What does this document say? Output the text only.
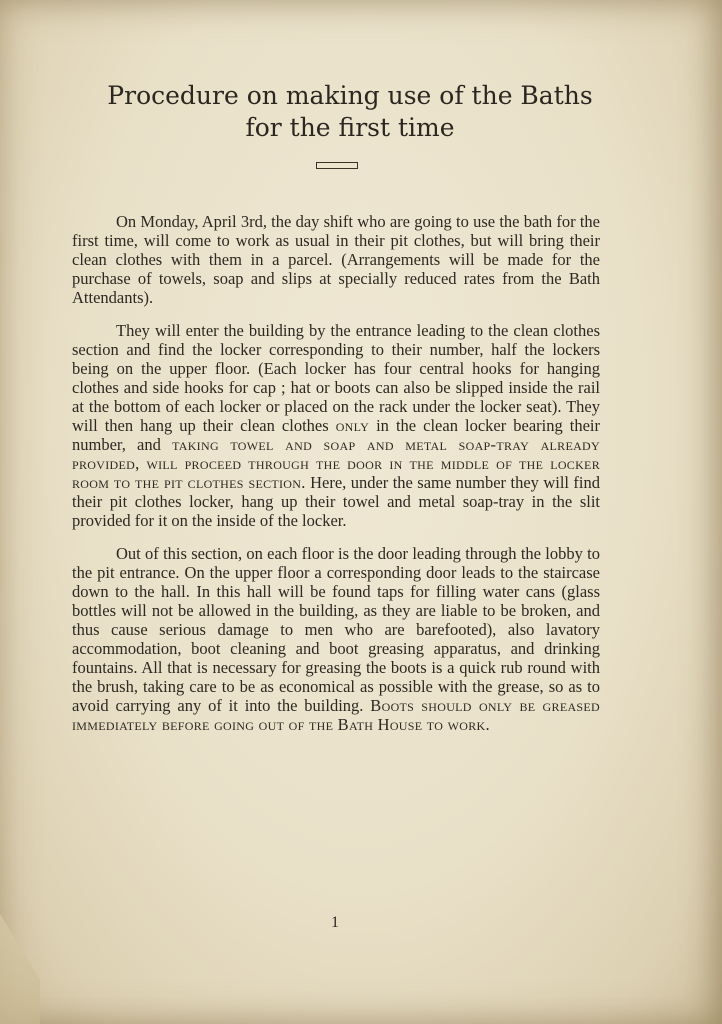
Procedure on making use of the Baths
for the first time

On Monday, April 3rd, the day shift who are going to use the bath for the first time, will come to work as usual in their pit clothes, but will bring their clean clothes with them in a parcel. (Arrangements will be made for the purchase of towels, soap and slips at specially reduced rates from the Bath Attendants).

They will enter the building by the entrance leading to the clean clothes section and find the locker corresponding to their number, half the lockers being on the upper floor. (Each locker has four central hooks for hanging clothes and side hooks for cap ; hat or boots can also be slipped inside the rail at the bottom of each locker or placed on the rack under the locker seat). They will then hang up their clean clothes only in the clean locker bearing their number, and taking towel and soap and metal soap-tray already provided, will proceed through the door in the middle of the locker room to the pit clothes section. Here, under the same number they will find their pit clothes locker, hang up their towel and metal soap-tray in the slit provided for it on the inside of the locker.

Out of this section, on each floor is the door leading through the lobby to the pit entrance. On the upper floor a corresponding door leads to the staircase down to the hall. In this hall will be found taps for filling water cans (glass bottles will not be allowed in the building, as they are liable to be broken, and thus cause serious damage to men who are barefooted), also lavatory accommodation, boot cleaning and boot greasing apparatus, and drinking fountains. All that is necessary for greasing the boots is a quick rub round with the brush, taking care to be as economical as possible with the grease, so as to avoid carrying any of it into the building. Boots should only be greased immediately before going out of the Bath House to work.

1
